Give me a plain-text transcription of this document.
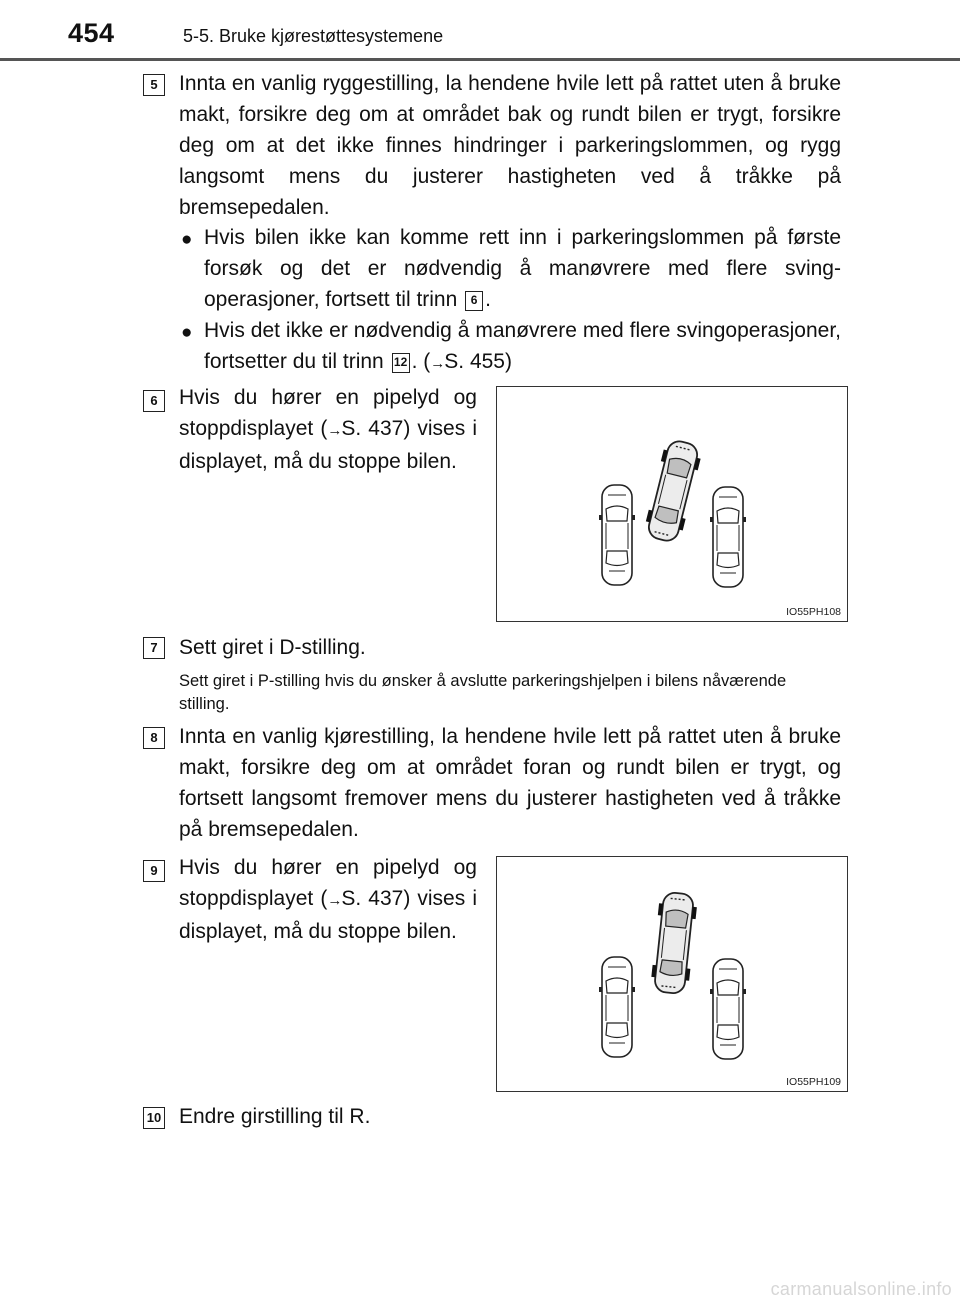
454	5-5. Bruke kjørestøttesystemene
5	Innta en vanlig ryggestilling, la hendene hvile lett på rattet uten å bruke makt, forsikre deg om at området bak og rundt bilen er trygt, forsikre deg om at det ikke finnes hindringer i parkeringslommen, og rygg langsomt mens du justerer hastigheten ved å tråkke på bremsepedalen.
● Hvis bilen ikke kan komme rett inn i parkeringslommen på første forsøk og det er nødvendig å manøvrere med flere svingoperasjoner, fortsett til trinn 6 .
● Hvis det ikke er nødvendig å manøvrere med flere svingoperasjoner, fortsetter du til trinn 12 . (→S. 455)
6	Hvis du hører en pipelyd og stoppdisplayet (→S. 437) vises i displayet, må du stoppe bilen.
IO55PH108
7	Sett giret i D-stilling.
Sett giret i P-stilling hvis du ønsker å avslutte parkeringshjelpen i bilens nåværende stilling.
8	Innta en vanlig kjørestilling, la hendene hvile lett på rattet uten å bruke makt, forsikre deg om at området foran og rundt bilen er trygt, og fortsett langsomt fremover mens du justerer hastigheten ved å tråkke på bremsepedalen.
9	Hvis du hører en pipelyd og stoppdisplayet (→S. 437) vises i displayet, må du stoppe bilen.
IO55PH109
10 Endre girstilling til R.
carmanualsonline.info
